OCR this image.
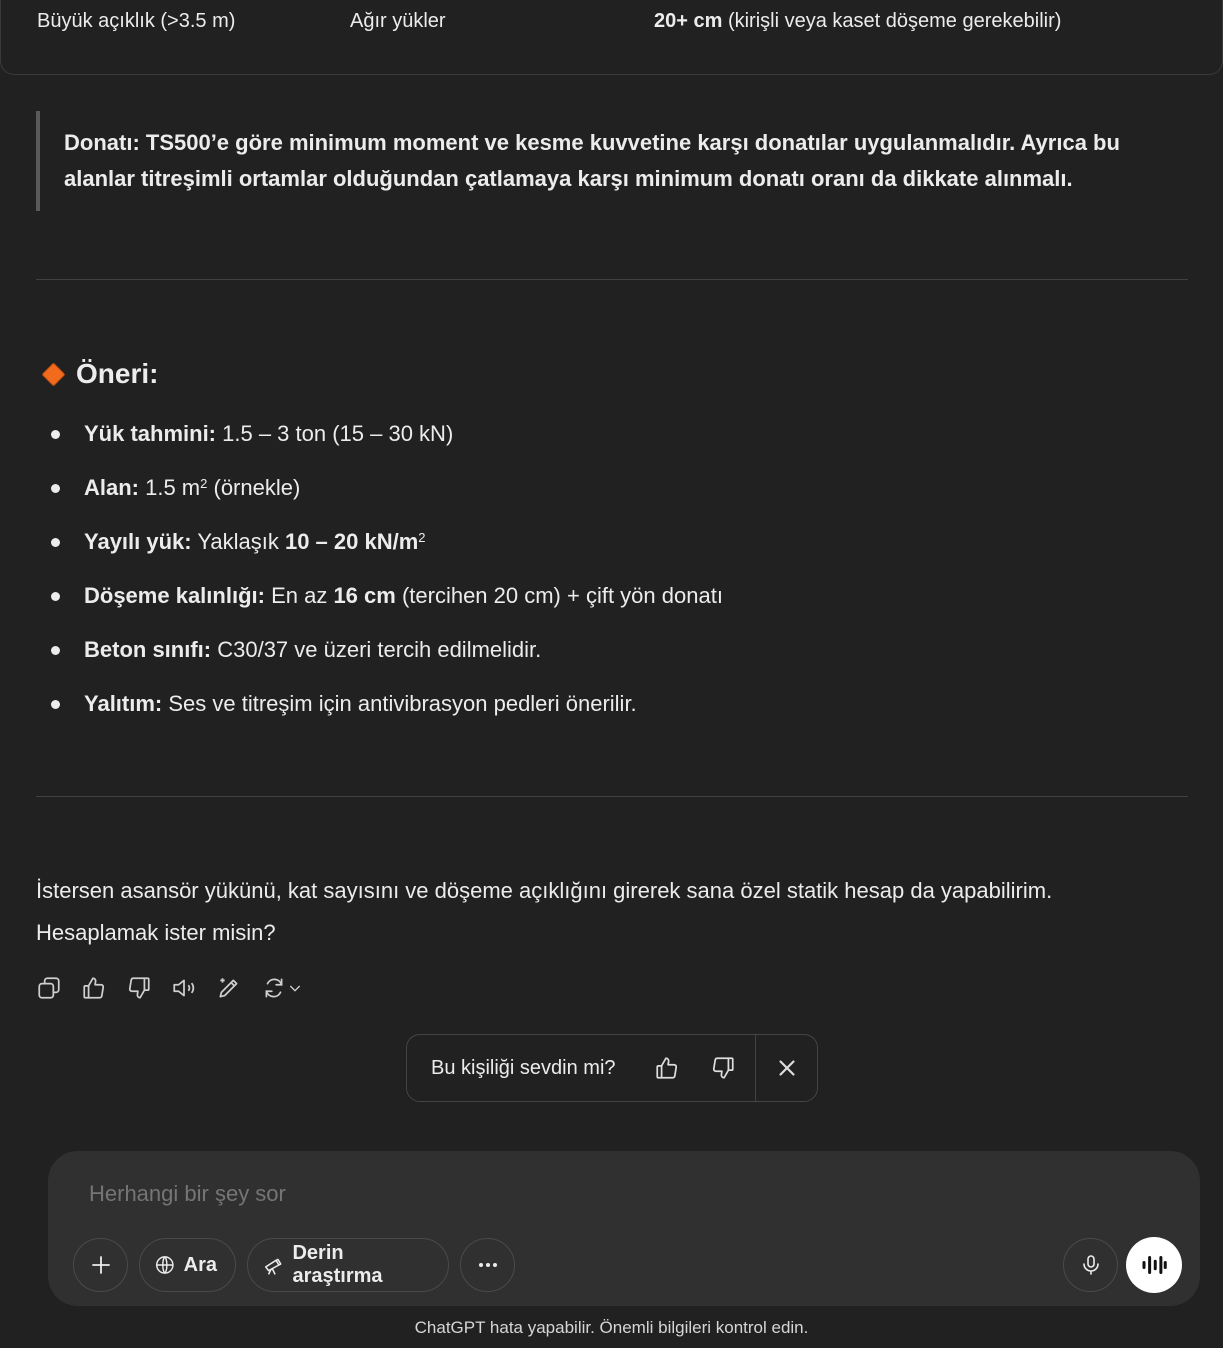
Büyük açıklık (>3.5 m)	Ağır yükler	20+ cm (kirişli veya kaset döşeme gerekebilir)

Donatı: TS500’e göre minimum moment ve kesme kuvvetine karşı donatılar uygulanmalıdır. Ayrıca bu

alanlar titreşimli ortamlar olduğundan çatlamaya karşı minimum donatı oranı da dikkate alınmalı.

Öneri:
Yük tahmini: 1.5 – 3 ton (15 – 30 kN)
Alan: 1.5 $m^2$ (örnekle)
Yayılı yük: Yaklaşık 10 – 20 $kN/m^2$
Döşeme kalınlığı: En az 16 cm (tercihen 20 cm) + çift yön donatı
Beton sınıfı: C30/37 ve üzeri tercih edilmelidir.
Yalıtım: Ses ve titreşim için antivibrasyon pedleri önerilir.
İstersen asansör yükünü, kat sayısını ve döşeme açıklığını girerek sana özel statik hesap da yapabilirim.
Hesaplamak ister misin?
Bu kişiliği sevdin mi?
Herhangi bir şey sor
Ara
Derin araştırma
ChatGPT hata yapabilir. Önemli bilgileri kontrol edin.
